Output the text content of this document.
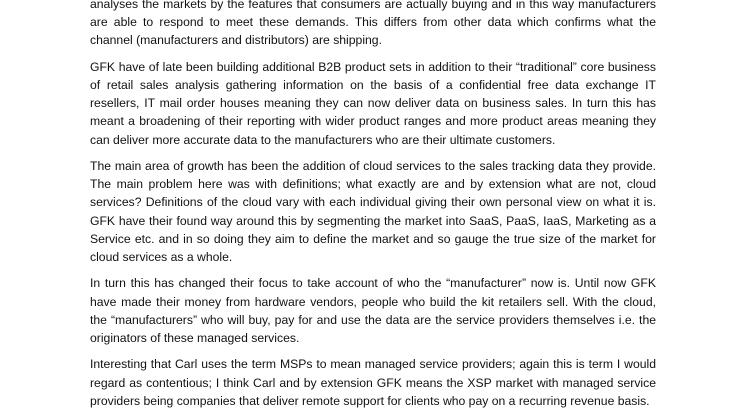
analyses the markets by the features that consumers are actually buying and in this way manufacturers are able to respond to meet these demands. This differs from other data which confirms what the channel (manufacturers and distributors) are shipping.

GFK have of late been building additional B2B product sets in addition to their “traditional” core business of retail sales analysis gathering information on the basis of a confidential free data exchange IT resellers, IT mail order houses meaning they can now deliver data on business sales. In turn this has meant a broadening of their reporting with wider product ranges and more product areas meaning they can deliver more accurate data to the manufacturers who are their ultimate customers.

The main area of growth has been the addition of cloud services to the sales tracking data they provide. The main problem here was with definitions; what exactly are and by extension what are not, cloud services? Definitions of the cloud vary with each individual giving their own personal view on what it is. GFK have their found way around this by segmenting the market into SaaS, PaaS, IaaS, Marketing as a Service etc. and in so doing they aim to define the market and so gauge the true size of the market for cloud services as a whole.

In turn this has changed their focus to take account of who the “manufacturer” now is. Until now GFK have made their money from hardware vendors, people who build the kit retailers sell. With the cloud, the “manufacturers” who will buy, pay for and use the data are the service providers themselves i.e. the originators of these managed services.

Interesting that Carl uses the term MSPs to mean managed service providers; again this is term I would regard as contentious; I think Carl and by extension GFK means the XSP market with managed service providers being companies that deliver remote support for clients who pay on a recurring revenue basis.
